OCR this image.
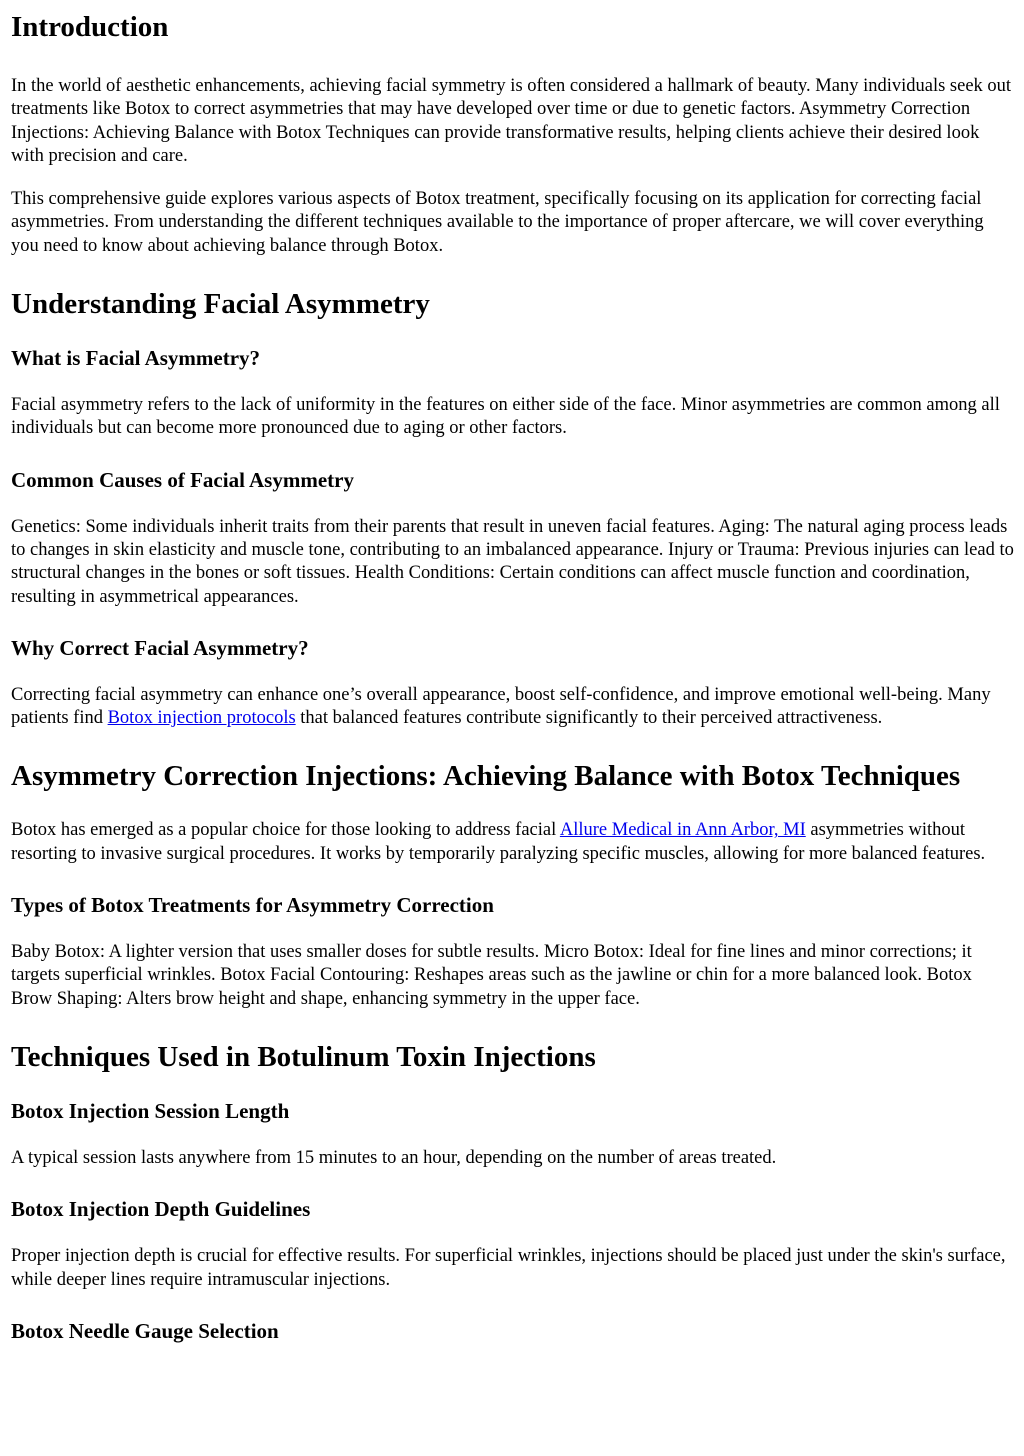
Introduction

In the world of aesthetic enhancements, achieving facial symmetry is often considered a hallmark of beauty. Many individuals seek out treatments like Botox to correct asymmetries that may have developed over time or due to genetic factors. Asymmetry Correction Injections: Achieving Balance with Botox Techniques can provide transformative results, helping clients achieve their desired look with precision and care.

This comprehensive guide explores various aspects of Botox treatment, specifically focusing on its application for correcting facial asymmetries. From understanding the different techniques available to the importance of proper aftercare, we will cover everything you need to know about achieving balance through Botox.

Understanding Facial Asymmetry
What is Facial Asymmetry?

Facial asymmetry refers to the lack of uniformity in the features on either side of the face. Minor asymmetries are common among all individuals but can become more pronounced due to aging or other factors.

Common Causes of Facial Asymmetry

Genetics: Some individuals inherit traits from their parents that result in uneven facial features. Aging: The natural aging process leads to changes in skin elasticity and muscle tone, contributing to an imbalanced appearance. Injury or Trauma: Previous injuries can lead to structural changes in the bones or soft tissues. Health Conditions: Certain conditions can affect muscle function and coordination, resulting in asymmetrical appearances.

Why Correct Facial Asymmetry?

Correcting facial asymmetry can enhance one’s overall appearance, boost self-confidence, and improve emotional well-being. Many patients find Botox injection protocols that balanced features contribute significantly to their perceived attractiveness.

Asymmetry Correction Injections: Achieving Balance with Botox Techniques

Botox has emerged as a popular choice for those looking to address facial Allure Medical in Ann Arbor, MI asymmetries without resorting to invasive surgical procedures. It works by temporarily paralyzing specific muscles, allowing for more balanced features.

Types of Botox Treatments for Asymmetry Correction

Baby Botox: A lighter version that uses smaller doses for subtle results. Micro Botox: Ideal for fine lines and minor corrections; it targets superficial wrinkles. Botox Facial Contouring: Reshapes areas such as the jawline or chin for a more balanced look. Botox Brow Shaping: Alters brow height and shape, enhancing symmetry in the upper face.

Techniques Used in Botulinum Toxin Injections
Botox Injection Session Length

A typical session lasts anywhere from 15 minutes to an hour, depending on the number of areas treated.

Botox Injection Depth Guidelines

Proper injection depth is crucial for effective results. For superficial wrinkles, injections should be placed just under the skin's surface, while deeper lines require intramuscular injections.

Botox Needle Gauge Selection
